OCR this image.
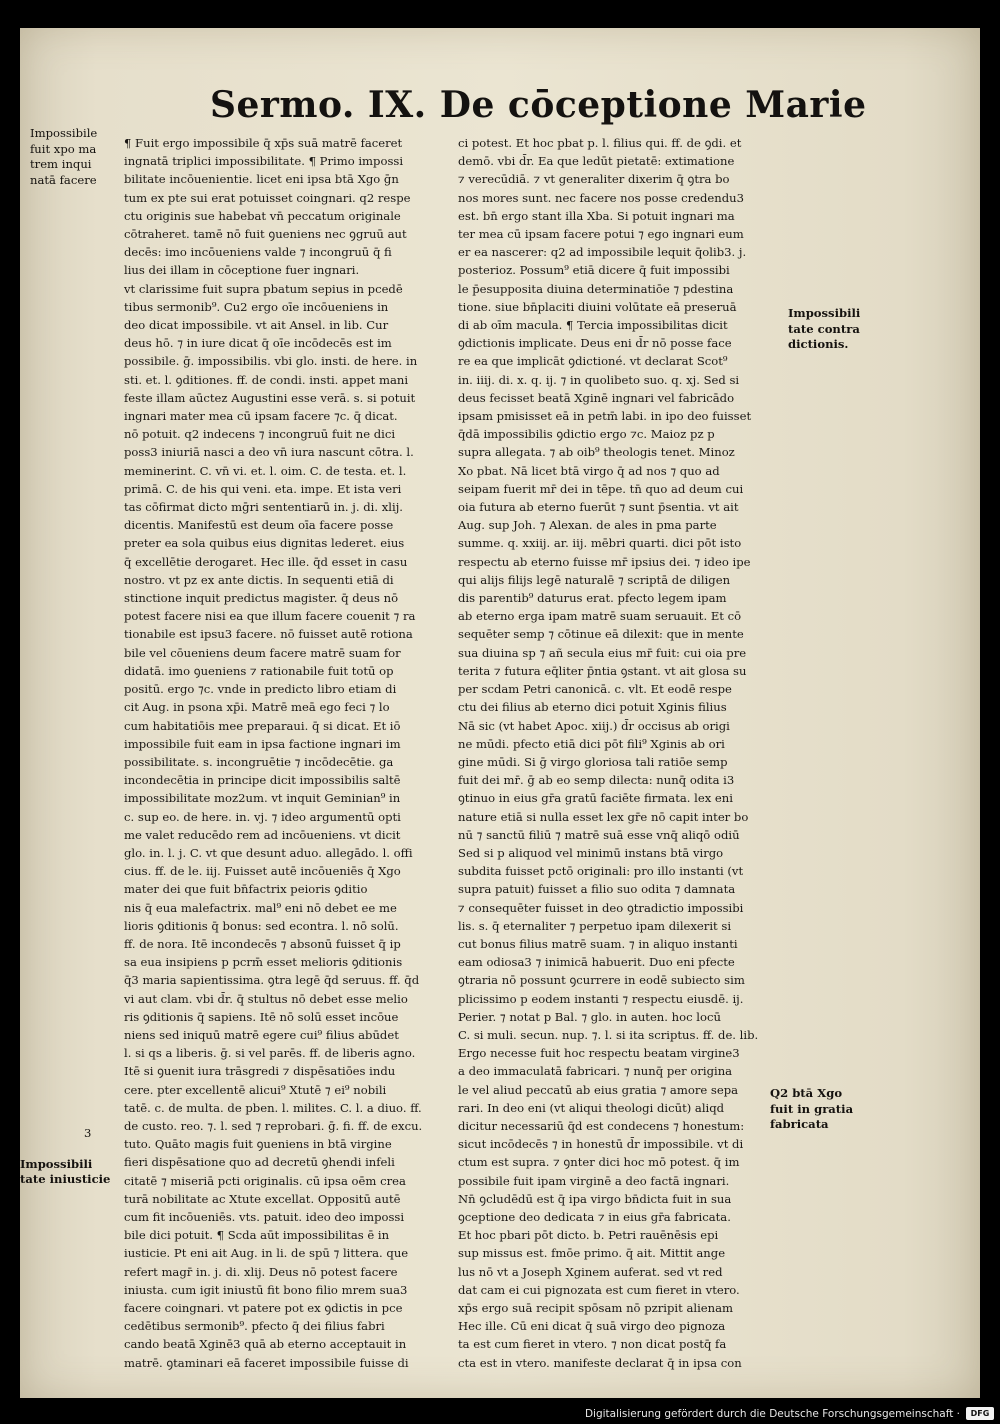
Sermo. IX. De cōceptione Marie
Impossibile
fuit xpo ma
trem inqui
natā facere

3

Impossibili
tate iniusticie

Impossibili
tate contra
dictionis.
Q2 btā Xgo
fuit in gratia
fabricata

¶ Fuit ergo impossibile q̄ xp̄s suā matrē faceret
ingnatā triplici impossibilitate. ¶ Primo impossi
bilitate incōuenientie. licet eni ipsa btā Xgo ḡn
tum ex pte sui erat potuisset coingnari. q2 respe
ctu originis sue habebat vn̄ peccatum originale
cōtraheret. tamē nō fuit ꝯueniens nec ꝯgruū aut
decēs: imo incōueniens valde ⁊ incongruū q̄ fi
lius dei illam in cōceptione fuer ingnari.
vt clarissime fuit supra pbatum sepius in pcedē
tibus sermonib⁹. Cu2 ergo oīe incōueniens in
deo dicat impossibile. vt ait Ansel. in lib. Cur
deus hō. ⁊ in iure dicat q̄ oīe incōdecēs est im
possibile. ḡ. impossibilis. vbi glo. insti. de here. in
sti. et. l. ꝯditiones. ff. de condi. insti. appet mani
feste illam aūctez Augustini esse verā. s. si potuit
ingnari mater mea cū ipsam facere ⁊c. q̄ dicat.
nō potuit. q2 indecens ⁊ incongruū fuit ne dici
poss3 iniuriā nasci a deo vn̄ iura nascunt cōtra. l.
meminerint. C. vn̄ vi. et. l. oim. C. de testa. et. l.
primā. C. de his qui veni. eta. impe. Et ista veri
tas cōfirmat dicto mḡri sententiarū in. j. di. xlij.
dicentis. Manifestū est deum oīa facere posse
preter ea sola quibus eius dignitas lederet. eius
q̄ excellētie derogaret. Hec ille. q̄d esset in casu
nostro. vt pz ex ante dictis. In sequenti etiā di
stinctione inquit predictus magister. q̄ deus nō
potest facere nisi ea que illum facere couenit ⁊ ra
tionabile est ipsu3 facere. nō fuisset autē rotiona
bile vel cōueniens deum facere matrē suam for
didatā. imo ꝯueniens ⁊ rationabile fuit totū op
positū. ergo ⁊c. vnde in predicto libro etiam di
cit Aug. in psona xp̄i. Matrē meā ego feci ⁊ lo
cum habitatiōis mee preparaui. q̄ si dicat. Et iō
impossibile fuit eam in ipsa factione ingnari im
possibilitate. s. incongruētie ⁊ incōdecētie. ga
incondecētia in principe dicit impossibilis saltē
impossibilitate moz2um. vt inquit Geminian⁹ in
c. sup eo. de here. in. vj. ⁊ ideo argumentū opti
me valet reducēdo rem ad incōueniens. vt dicit
glo. in. l. j. C. vt que desunt aduo. allegādo. l. offi
cius. ff. de le. iij. Fuisset autē incōueniēs q̄ Xgo
mater dei que fuit bn̄factrix peioris ꝯditio
nis q̄ eua malefactrix. mal⁹ eni nō debet ee me
lioris ꝯditionis q̄ bonus: sed econtra. l. nō solū.
ff. de nora. Itē incondecēs ⁊ absonū fuisset q̄ ip
sa eua insipiens p pcrm̄ esset melioris ꝯditionis
q̄3 maria sapientissima. ꝯtra legē q̄d seruus. ff. q̄d
vi aut clam. vbi d̄r. q̄ stultus nō debet esse melio
ris ꝯditionis q̄ sapiens. Itē nō solū esset incōue
niens sed iniquū matrē egere cui⁹ filius abūdet
l. si qs a liberis. ḡ. si vel parēs. ff. de liberis agno.
Itē si ꝯuenit iura trāsgredi ⁊ dispēsatiōes indu
cere. pter excellentē alicui⁹ Xtutē ⁊ ei⁹ nobili
tatē. c. de multa. de pben. l. milites. C. l. a diuo. ff.
de custo. reo. ⁊. l. sed ⁊ reprobari. ḡ. fi. ff. de excu.
tuto. Quāto magis fuit ꝯueniens in btā virgine
fieri dispēsatione quo ad decretū ꝯhendi infeli
citatē ⁊ miseriā pcti originalis. cū ipsa oēm crea
turā nobilitate ac Xtute excellat. Oppositū autē
cum fit incōueniēs. vts. patuit. ideo deo impossi
bile dici potuit. ¶ Scda aūt impossibilitas ē in
iusticie. Pt eni ait Aug. in li. de spū ⁊ littera. que
refert magr̄ in. j. di. xlij. Deus nō potest facere
iniusta. cum igit iniustū fit bono filio mrem sua3
facere coingnari. vt patere pot ex ꝯdictis in pce
cedētibus sermonib⁹. pfecto q̄ dei filius fabri
cando beatā Xginē3 quā ab eterno acceptauit in
matrē. ꝯtaminari eā faceret impossibile fuisse di

ci potest. Et hoc pbat p. l. filius qui. ff. de ꝯdi. et
demō. vbi d̄r. Ea que ledūt pietatē: extimatione
⁊ verecūdiā. ⁊ vt generaliter dixerim q̄ ꝯtra bo
nos mores sunt. nec facere nos posse credendu3
est. bn̄ ergo stant illa Xba. Si potuit ingnari ma
ter mea cū ipsam facere potui ⁊ ego ingnari eum
er ea nascerer: q2 ad impossibile lequit q̄olib3. j.
posterioz. Possum⁹ etiā dicere q̄ fuit impossibi
le p̄esupposita diuina determinatiōe ⁊ pdestina
tione. siue bn̄placiti diuini volūtate eā preseruā
di ab oīm macula. ¶ Tercia impossibilitas dicit
ꝯdictionis implicate. Deus eni d̄r nō posse face
re ea que implicāt ꝯdictioné. vt declarat Scot⁹
in. iiij. di. x. q. ij. ⁊ in quolibeto suo. q. xj. Sed si
deus fecisset beatā Xginē ingnari vel fabricādo
ipsam pmisisset eā in petm̄ labi. in ipo deo fuisset
q̄dā impossibilis ꝯdictio ergo ⁊c. Maioz pz p
supra allegata. ⁊ ab oib⁹ theologis tenet. Minoz
Xo pbat. Nā licet btā virgo q̄ ad nos ⁊ quo ad
seipam fuerit mr̄ dei in tēpe. tn̄ quo ad deum cui
oia futura ab eterno fuerūt ⁊ sunt p̄sentia. vt ait
Aug. sup Joh. ⁊ Alexan. de ales in pma parte
summe. q. xxiij. ar. iij. mēbri quarti. dici pōt isto
respectu ab eterno fuisse mr̄ ipsius dei. ⁊ ideo ipe
qui alijs filijs legē naturalē ⁊ scriptā de diligen
dis parentib⁹ daturus erat. pfecto legem ipam
ab eterno erga ipam matrē suam seruauit. Et cō
sequēter semp ⁊ cōtinue eā dilexit: que in mente
sua diuina sp ⁊ añ secula eius mr̄ fuit: cui oia pre
terita ⁊ futura eq̄liter p̄ntia ꝯstant. vt ait glosa su
per scdam Petri canonicā. c. vlt. Et eodē respe
ctu dei filius ab eterno dici potuit Xginis filius
Nā sic (vt habet Apoc. xiij.) d̄r occisus ab origi
ne mūdi. pfecto etiā dici pōt fili⁹ Xginis ab ori
gine mūdi. Si ḡ virgo gloriosa tali ratiōe semp
fuit dei mr̄. ḡ ab eo semp dilecta: nunq̄ odita i3
ꝯtinuo in eius gr̄a gratū faciēte firmata. lex eni
nature etiā si nulla esset lex gr̄e nō capit inter bo
nū ⁊ sanctū filiū ⁊ matrē suā esse vnq̄ aliqō odiū
Sed si p aliquod vel minimū instans btā virgo
subdita fuisset pctō originali: pro illo instanti (vt
supra patuit) fuisset a filio suo odita ⁊ damnata
⁊ consequēter fuisset in deo ꝯtradictio impossibi
lis. s. q̄ eternaliter ⁊ perpetuo ipam dilexerit si
cut bonus filius matrē suam. ⁊ in aliquo instanti
eam odiosa3 ⁊ inimicā habuerit. Duo eni pfecte
ꝯtraria nō possunt ꝯcurrere in eodē subiecto sim
plicissimo p eodem instanti ⁊ respectu eiusdē. ij.
Perier. ⁊ notat p Bal. ⁊ glo. in auten. hoc locū
C. si muli. secun. nup. ⁊. l. si ita scriptus. ff. de. lib.
Ergo necesse fuit hoc respectu beatam virgine3
a deo immaculatā fabricari. ⁊ nunq̄ per origina
le vel aliud peccatū ab eius gratia ⁊ amore sepa
rari. In deo eni (vt aliqui theologi dicūt) aliqd
dicitur necessariū q̄d est condecens ⁊ honestum:
sicut incōdecēs ⁊ in honestū d̄r impossibile. vt di
ctum est supra. ⁊ ꝯnter dici hoc mō potest. q̄ im
possibile fuit ipam virginē a deo factā ingnari.
Nn̄ ꝯcludēdū est q̄ ipa virgo bn̄dicta fuit in sua
ꝯceptione deo dedicata ⁊ in eius gr̄a fabricata.
Et hoc pbari pōt dicto. b. Petri rauēnēsis epi
sup missus est. fmōe primo. q̄ ait. Mittit ange
lus nō vt a Joseph Xginem auferat. sed vt red
dat cam ei cui pignozata est cum fieret in vtero.
xp̄s ergo suā recipit spōsam nō pzripit alienam
Hec ille. Cū eni dicat q̄ suā virgo deo pignoza
ta est cum fieret in vtero. ⁊ non dicat postq̄ fa
cta est in vtero. manifeste declarat q̄ in ipsa con

Digitalisierung gefördert durch die Deutsche Forschungsgemeinschaft ·	DFG
